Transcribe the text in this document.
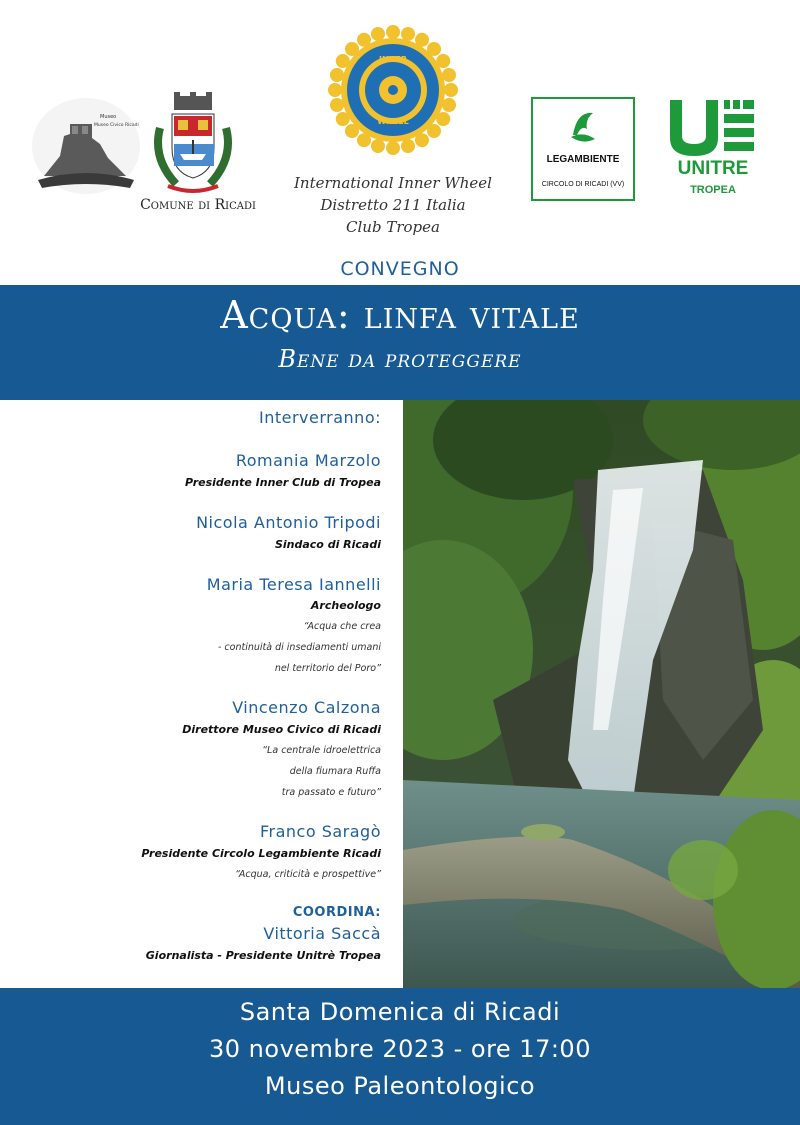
Museo
Museo Civico Ricadi
Comune di Ricadi
INNER
WHEEL
International Inner Wheel
Distretto 211 Italia
Club Tropea
LEGAMBIENTE
CIRCOLO DI RICADI (VV)
UNITRE
TROPEA
CONVEGNO
Acqua: linfa vitale
Bene da proteggere
Interverranno:
Romania Marzolo
Presidente Inner Club di Tropea
Nicola Antonio Tripodi
Sindaco di Ricadi
Maria Teresa Iannelli
Archeologo
“Acqua che crea
- continuità di insediamenti umani
nel territorio del Poro”
Vincenzo Calzona
Direttore Museo Civico di Ricadi
“La centrale idroelettrica
della fiumara Ruffa
tra passato e futuro”
Franco Saragò
Presidente Circolo Legambiente Ricadi
“Acqua, criticità e prospettive”
COORDINA:
Vittoria Saccà
Giornalista - Presidente Unitrè Tropea
Santa Domenica di Ricadi
30 novembre 2023 - ore 17:00
Museo Paleontologico
